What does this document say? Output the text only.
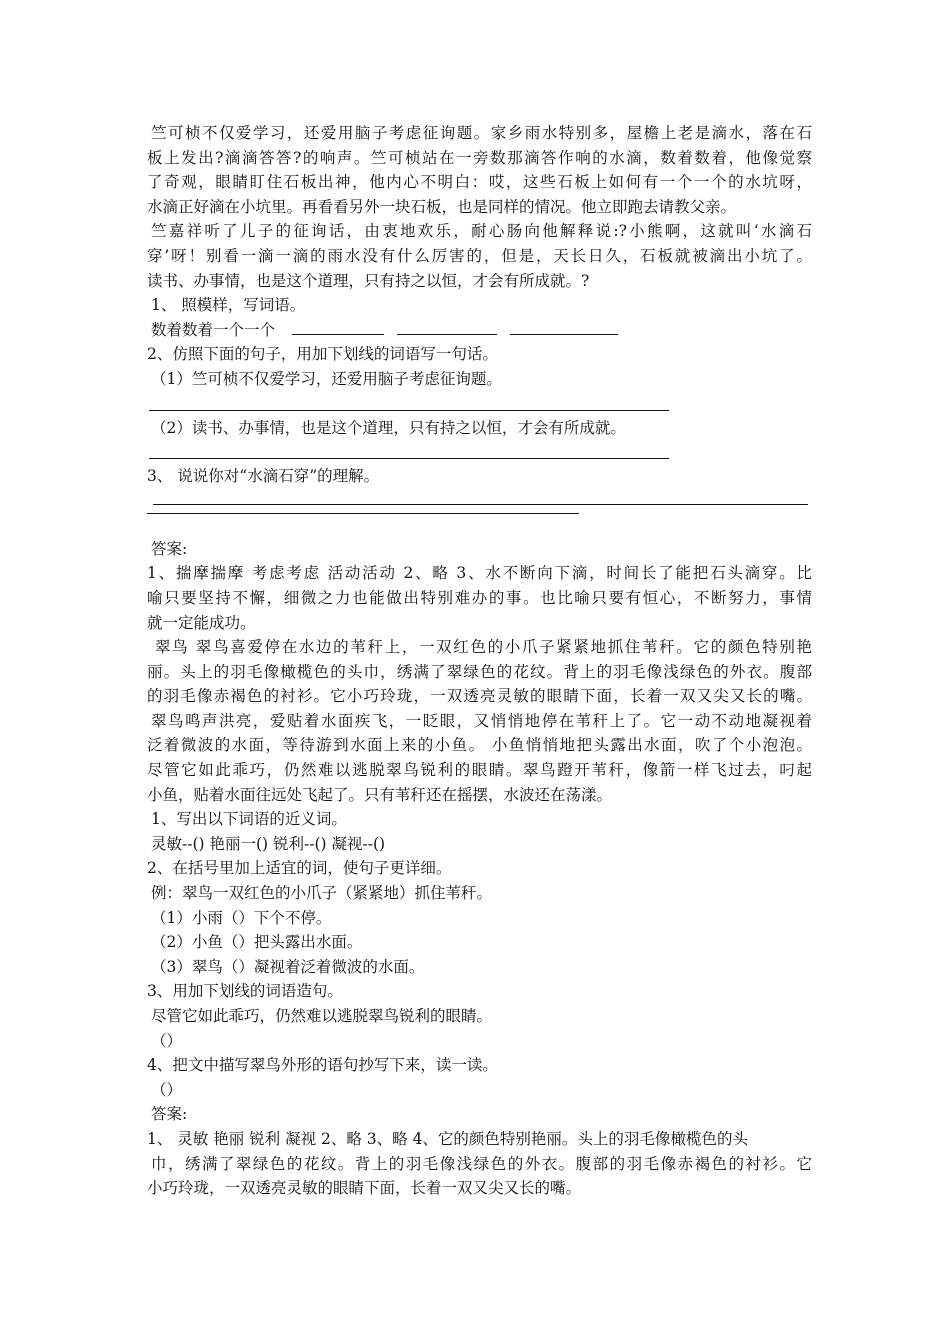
竺可桢不仅爱学习，还爱用脑子考虑征询题。家乡雨水特别多，屋檐上老是滴水，落在石
板上发出?滴滴答答?的响声。竺可桢站在一旁数那滴答作响的水滴，数着数着，他像觉察
了奇观，眼睛盯住石板出神，他内心不明白：哎，这些石板上如何有一个一个的水坑呀，
水滴正好滴在小坑里。再看看另外一块石板，也是同样的情况。他立即跑去请教父亲。
竺嘉祥听了儿子的征询话，由衷地欢乐，耐心肠向他解释说:?小熊啊，这就叫‘水滴石
穿’呀！别看一滴一滴的雨水没有什么厉害的，但是，天长日久，石板就被滴出小坑了。
读书、办事情，也是这个道理，只有持之以恒，才会有所成就。?
1、 照模样，写词语。
数着数着一个一个
2、仿照下面的句子，用加下划线的词语写一句话。
（1）竺可桢不仅爱学习，还爱用脑子考虑征询题。
（2）读书、办事情，也是这个道理，只有持之以恒，才会有所成就。
3、 说说你对“水滴石穿”的理解。
答案:
1、揣摩揣摩 考虑考虑 活动活动 2、略 3、水不断向下滴，时间长了能把石头滴穿。比
喻只要坚持不懈，细微之力也能做出特别难办的事。也比喻只要有恒心，不断努力，事情
就一定能成功。
翠鸟 翠鸟喜爱停在水边的苇秆上，一双红色的小爪子紧紧地抓住苇秆。它的颜色特别艳
丽。头上的羽毛像橄榄色的头巾，绣满了翠绿色的花纹。背上的羽毛像浅绿色的外衣。腹部
的羽毛像赤褐色的衬衫。它小巧玲珑，一双透亮灵敏的眼睛下面，长着一双又尖又长的嘴。
翠鸟鸣声洪亮，爱贴着水面疾飞，一眨眼，又悄悄地停在苇秆上了。它一动不动地凝视着
泛着微波的水面，等待游到水面上来的小鱼。 小鱼悄悄地把头露出水面，吹了个小泡泡。
尽管它如此乖巧，仍然难以逃脱翠鸟锐利的眼睛。翠鸟蹬开苇秆，像箭一样飞过去，叼起
小鱼，贴着水面往远处飞起了。只有苇秆还在摇摆，水波还在荡漾。
1、写出以下词语的近义词。
灵敏--() 艳丽一() 锐利--() 凝视--()
2、在括号里加上适宜的词，使句子更详细。
例：翠鸟一双红色的小爪子（紧紧地）抓住苇秆。
（1）小雨（）下个不停。
（2）小鱼（）把头露出水面。
（3）翠鸟（）凝视着泛着微波的水面。
3、用加下划线的词语造句。
尽管它如此乖巧，仍然难以逃脱翠鸟锐利的眼睛。
（）
4、把文中描写翠鸟外形的语句抄写下来，读一读。
（）
答案:
1、 灵敏 艳丽 锐利 凝视 2、略 3、略 4、它的颜色特别艳丽。头上的羽毛像橄榄色的头
巾，绣满了翠绿色的花纹。背上的羽毛像浅绿色的外衣。腹部的羽毛像赤褐色的衬衫。它
小巧玲珑，一双透亮灵敏的眼睛下面，长着一双又尖又长的嘴。
